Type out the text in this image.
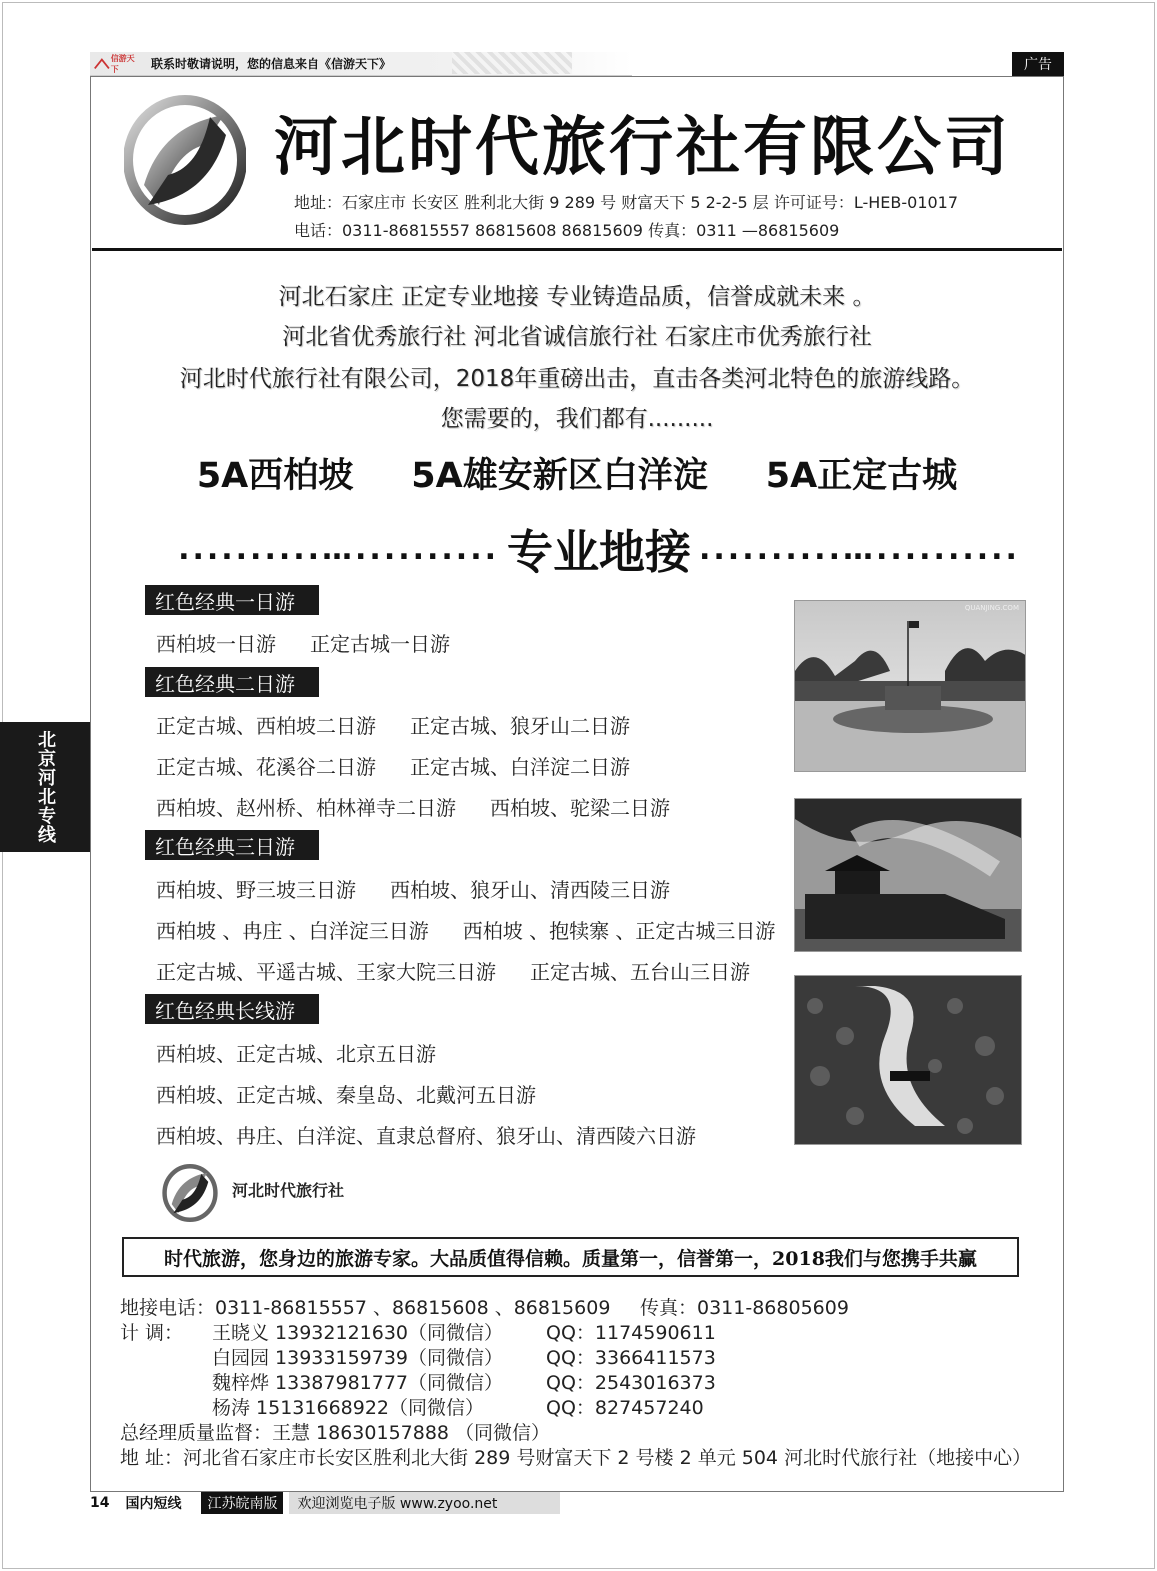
信游天下	联系时敬请说明，您的信息来自《信游天下》	广告
河北时代旅行社有限公司
地址：石家庄市 长安区 胜利北大街 9 289 号 财富天下 5 2-2-5 层 许可证号：L-HEB-01017
电话：0311-86815557 86815608 86815609 传真：0311 —86815609
河北石家庄 正定专业地接 专业铸造品质，信誉成就未来 。
河北省优秀旅行社 河北省诚信旅行社 石家庄市优秀旅行社
河北时代旅行社有限公司，2018年重磅出击，直击各类河北特色的旅游线路。
您需要的，我们都有.........
5A西柏坡 5A雄安新区白洋淀 5A正定古城
..........….......... 专业地接 ..........…..........
红色经典一日游
西柏坡一日游 正定古城一日游
红色经典二日游
正定古城、西柏坡二日游 正定古城、狼牙山二日游
正定古城、花溪谷二日游 正定古城、白洋淀二日游
西柏坡、赵州桥、柏林禅寺二日游 西柏坡、驼梁二日游
红色经典三日游
西柏坡、野三坡三日游 西柏坡、狼牙山、清西陵三日游
西柏坡 、冉庄 、白洋淀三日游 西柏坡 、抱犊寨 、正定古城三日游
正定古城、平遥古城、王家大院三日游 正定古城、五台山三日游
红色经典长线游
西柏坡、正定古城、北京五日游
西柏坡、正定古城、秦皇岛、北戴河五日游
西柏坡、冉庄、白洋淀、直隶总督府、狼牙山、清西陵六日游
QUANJING.COM
河北时代旅行社
时代旅游，您身边的旅游专家。大品质值得信赖。质量第一，信誉第一，2018我们与您携手共赢
地接电话：0311-86815557 、86815608 、86815609 传真：0311-86805609
计 调： 王晓义 13932121630（同微信） QQ：1174590611
白园园 13933159739（同微信） QQ：3366411573
魏梓烨 13387981777（同微信） QQ：2543016373
杨涛 15131668922（同微信）	QQ：827457240
总经理质量监督：王慧 18630157888 （同微信）
地 址：河北省石家庄市长安区胜利北大街 289 号财富天下 2 号楼 2 单元 504 河北时代旅行社（地接中心）
北京河北专线
14 国内短线	江苏皖南版	欢迎浏览电子版 www.zyoo.net
